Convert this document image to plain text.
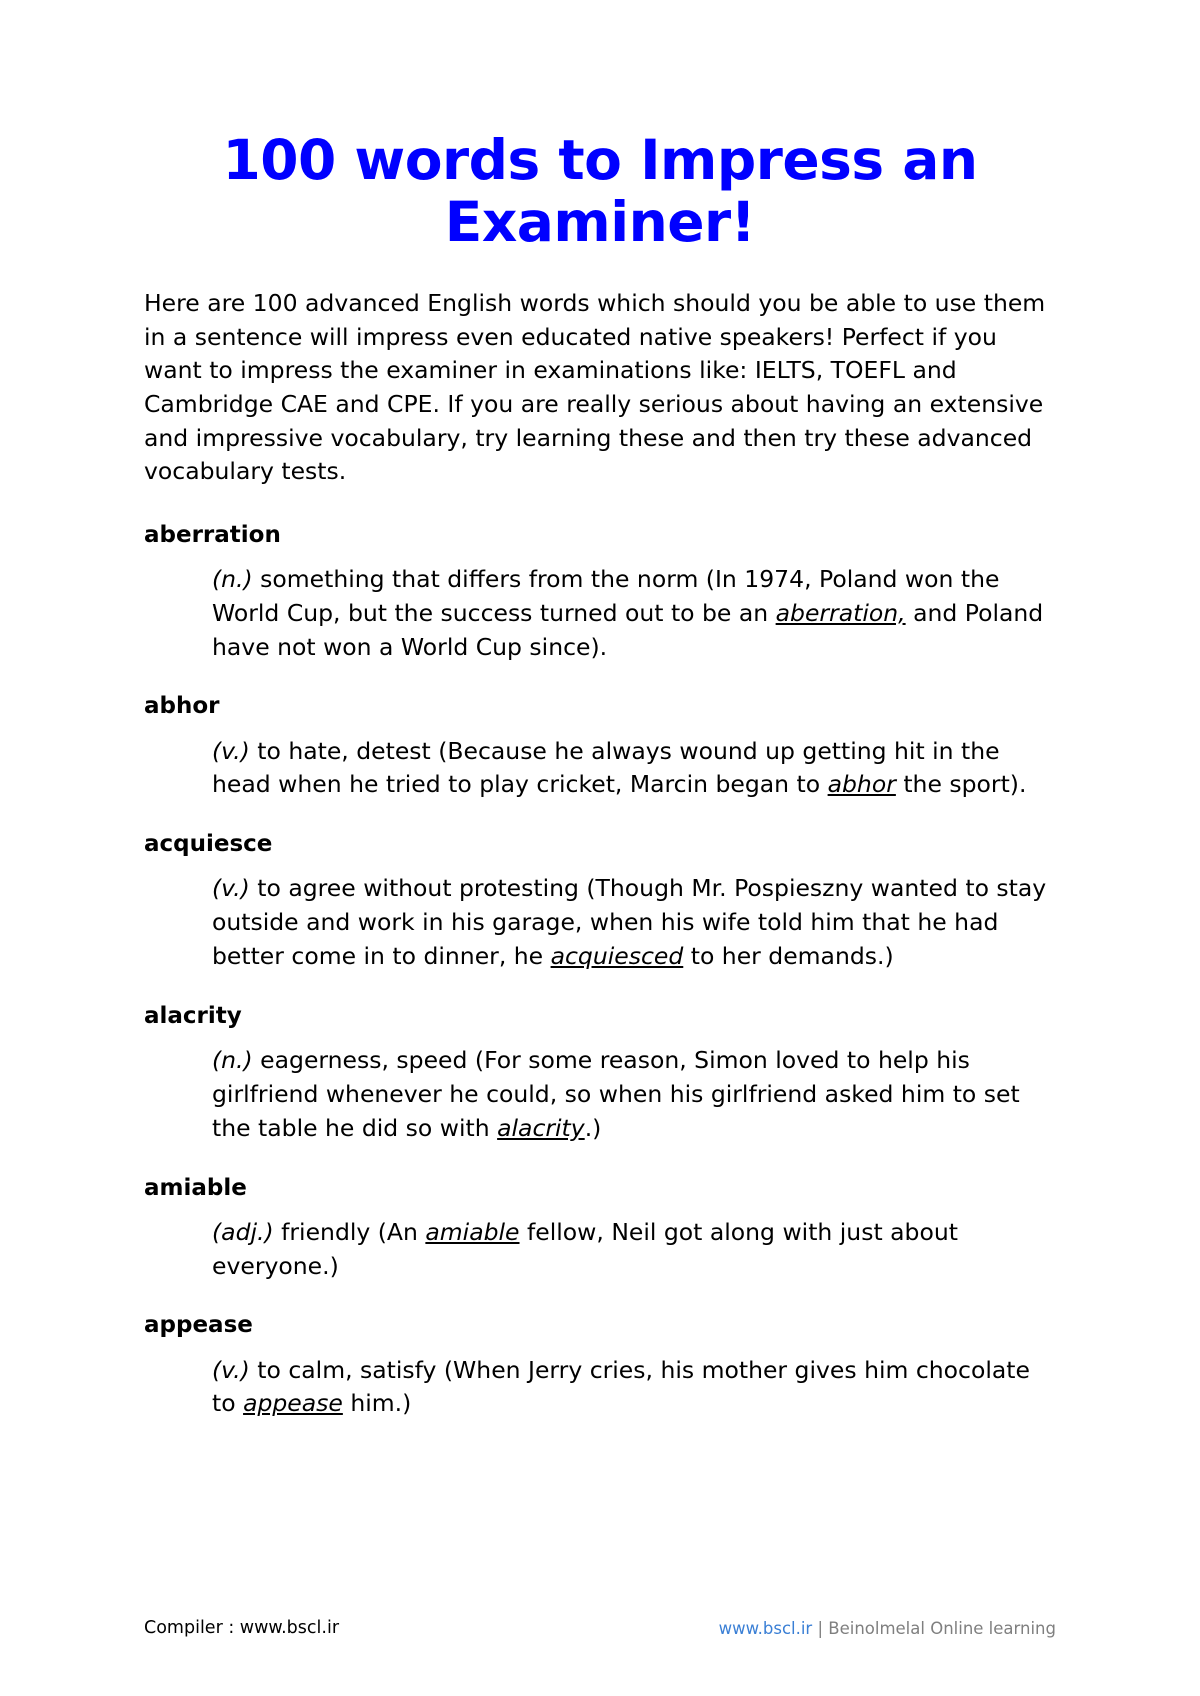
100 words to Impress an Examiner!

Here are 100 advanced English words which should you be able to use them in a sentence will impress even educated native speakers! Perfect if you want to impress the examiner in examinations like: IELTS, TOEFL and Cambridge CAE and CPE. If you are really serious about having an extensive and impressive vocabulary, try learning these and then try these advanced vocabulary tests.

aberration

(n.) something that differs from the norm (In 1974, Poland won the World Cup, but the success turned out to be an aberration, and Poland have not won a World Cup since).

abhor

(v.) to hate, detest (Because he always wound up getting hit in the head when he tried to play cricket, Marcin began to abhor the sport).

acquiesce

(v.) to agree without protesting (Though Mr. Pospieszny wanted to stay outside and work in his garage, when his wife told him that he had better come in to dinner, he acquiesced to her demands.)

alacrity

(n.) eagerness, speed (For some reason, Simon loved to help his girlfriend whenever he could, so when his girlfriend asked him to set the table he did so with alacrity.)

amiable

(adj.) friendly (An amiable fellow, Neil got along with just about everyone.)

appease

(v.) to calm, satisfy (When Jerry cries, his mother gives him chocolate to appease him.)

Compiler : www.bscl.ir	www.bscl.ir | Beinolmelal Online learning
